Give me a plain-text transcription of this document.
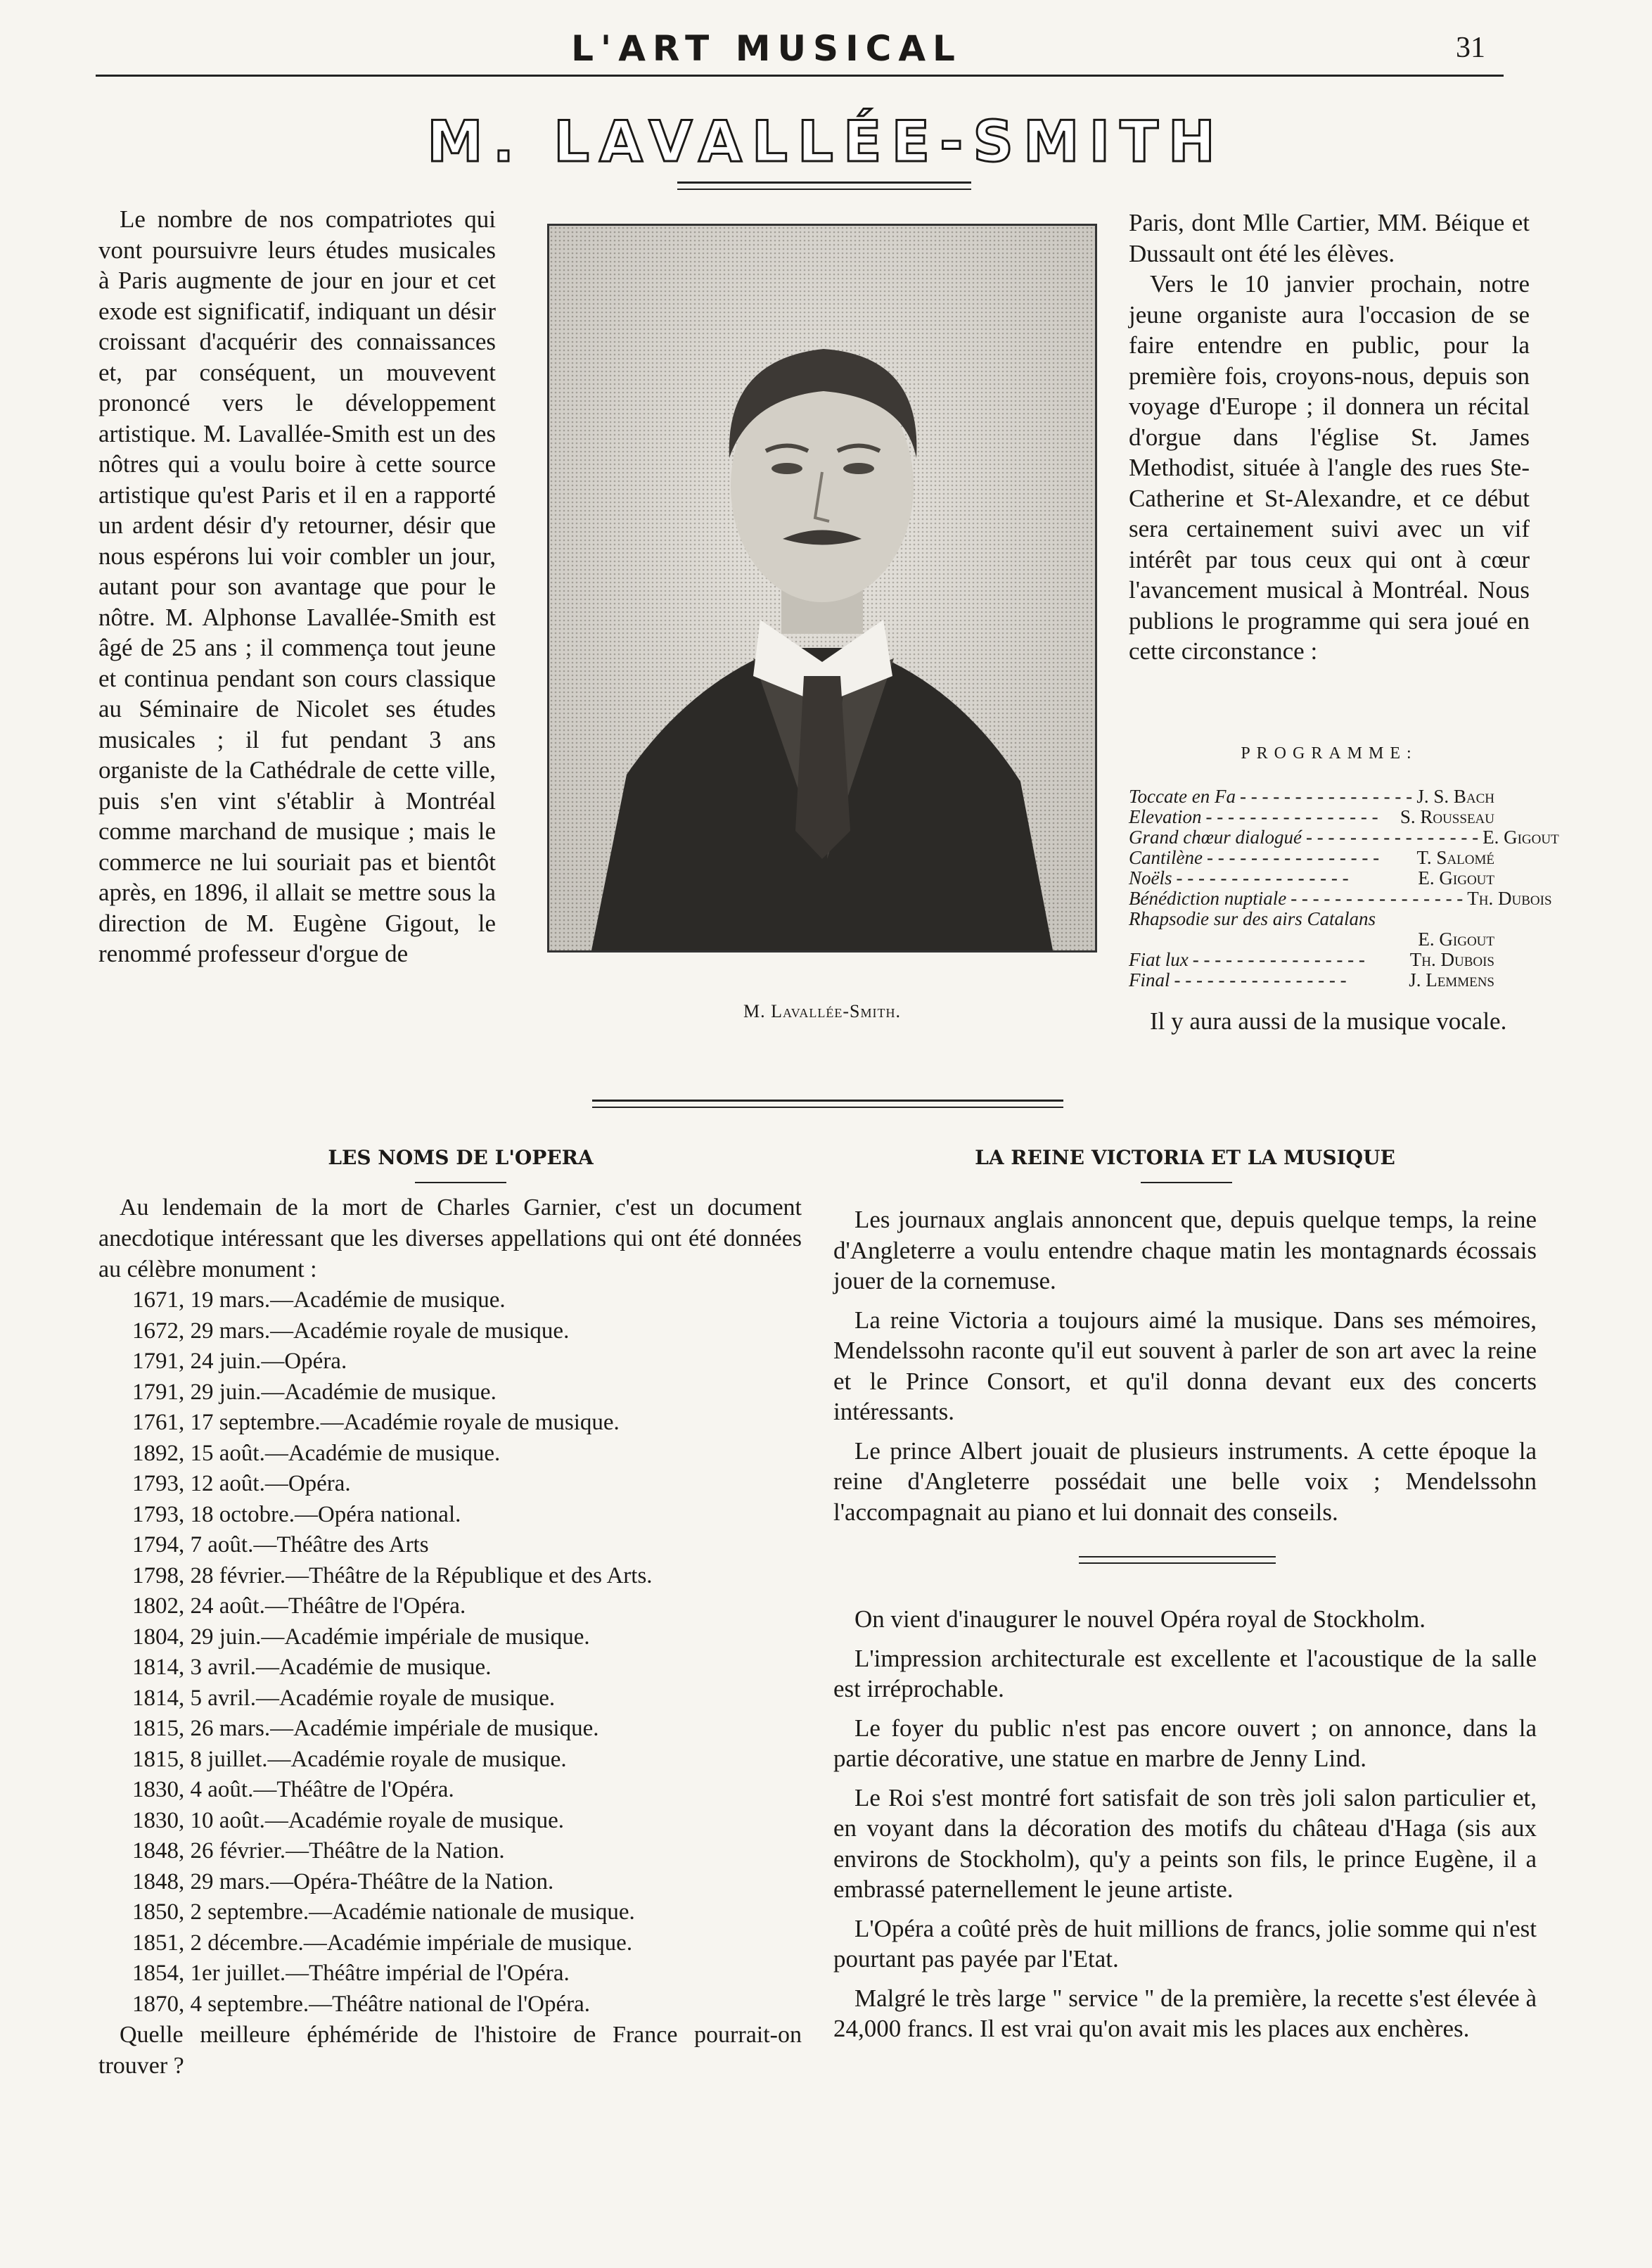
L'ART MUSICAL	31
M. LAVALLÉE-SMITH

Le nombre de nos compatriotes qui vont poursuivre leurs études musicales à Paris augmente de jour en jour et cet exode est significatif, indiquant un désir croissant d'acquérir des connaissances et, par conséquent, un mouvevent prononcé vers le développement artistique. M. Lavallée-Smith est un des nôtres qui a voulu boire à cette source artistique qu'est Paris et il en a rapporté un ardent désir d'y retourner, désir que nous espérons lui voir combler un jour, autant pour son avantage que pour le nôtre. M. Alphonse Lavallée-Smith est âgé de 25 ans ; il commença tout jeune et continua pendant son cours classique au Séminaire de Nicolet ses études musicales ; il fut pendant 3 ans organiste de la Cathédrale de cette ville, puis s'en vint s'établir à Montréal comme marchand de musique ; mais le commerce ne lui souriait pas et bientôt après, en 1896, il allait se mettre sous la direction de M. Eugène Gigout, le renommé professeur d'orgue de

M. Lavallée-Smith.

Paris, dont Mlle Cartier, MM. Béique et Dussault ont été les élèves.

Vers le 10 janvier prochain, notre jeune organiste aura l'occasion de se faire entendre en public, pour la première fois, croyons-nous, depuis son voyage d'Europe ; il donnera un récital d'orgue dans l'église St. James Methodist, située à l'angle des rues Ste-Catherine et St-Alexandre, et ce début sera certainement suivi avec un vif intérêt par tous ceux qui ont à cœur l'avancement musical à Montréal. Nous publions le programme qui sera joué en cette circonstance :

PROGRAMME:
Toccate en Fa - - - - - - - - - - - - - - - - J. S. Bach
Elevation - - - - - - - - - - - - - - - -	S. Rousseau
Grand chœur dialogué - - - - - - - - - - - - - - - - E. Gigout
Cantilène - - - - - - - - - - - - - - - -	T. Salomé
Noëls - - - - - - - - - - - - - - - -	E. Gigout
Bénédiction nuptiale - - - - - - - - - - - - - - - - Th. Dubois
Rhapsodie sur des airs Catalans
E. Gigout
Fiat lux - - - - - - - - - - - - - - - -	Th. Dubois
Final - - - - - - - - - - - - - - - -	J. Lemmens

Il y aura aussi de la musique vocale.

LES NOMS DE L'OPERA

Au lendemain de la mort de Charles Garnier, c'est un document anecdotique intéressant que les diverses appellations qui ont été données au célèbre monument :

1671, 19 mars.—Académie de musique.
1672, 29 mars.—Académie royale de musique.
1791, 24 juin.—Opéra.
1791, 29 juin.—Académie de musique.
1761, 17 septembre.—Académie royale de musique.
1892, 15 août.—Académie de musique.
1793, 12 août.—Opéra.
1793, 18 octobre.—Opéra national.
1794, 7 août.—Théâtre des Arts
1798, 28 février.—Théâtre de la République et des Arts.
1802, 24 août.—Théâtre de l'Opéra.
1804, 29 juin.—Académie impériale de musique.
1814, 3 avril.—Académie de musique.
1814, 5 avril.—Académie royale de musique.
1815, 26 mars.—Académie impériale de musique.
1815, 8 juillet.—Académie royale de musique.
1830, 4 août.—Théâtre de l'Opéra.
1830, 10 août.—Académie royale de musique.
1848, 26 février.—Théâtre de la Nation.
1848, 29 mars.—Opéra-Théâtre de la Nation.
1850, 2 septembre.—Académie nationale de musique.
1851, 2 décembre.—Académie impériale de musique.
1854, 1er juillet.—Théâtre impérial de l'Opéra.
1870, 4 septembre.—Théâtre national de l'Opéra.

Quelle meilleure éphéméride de l'histoire de France pourrait-on trouver ?

LA REINE VICTORIA ET LA MUSIQUE

Les journaux anglais annoncent que, depuis quelque temps, la reine d'Angleterre a voulu entendre chaque matin les montagnards écossais jouer de la cornemuse.

La reine Victoria a toujours aimé la musique. Dans ses mémoires, Mendelssohn raconte qu'il eut souvent à parler de son art avec la reine et le Prince Consort, et qu'il donna devant eux des concerts intéressants.

Le prince Albert jouait de plusieurs instruments. A cette époque la reine d'Angleterre possédait une belle voix ; Mendelssohn l'accompagnait au piano et lui donnait des conseils.

On vient d'inaugurer le nouvel Opéra royal de Stockholm.

L'impression architecturale est excellente et l'acoustique de la salle est irréprochable.

Le foyer du public n'est pas encore ouvert ; on annonce, dans la partie décorative, une statue en marbre de Jenny Lind.

Le Roi s'est montré fort satisfait de son très joli salon particulier et, en voyant dans la décoration des motifs du château d'Haga (sis aux environs de Stockholm), qu'y a peints son fils, le prince Eugène, il a embrassé paternellement le jeune artiste.

L'Opéra a coûté près de huit millions de francs, jolie somme qui n'est pourtant pas payée par l'Etat.

Malgré le très large " service " de la première, la recette s'est élevée à 24,000 francs. Il est vrai qu'on avait mis les places aux enchères.
